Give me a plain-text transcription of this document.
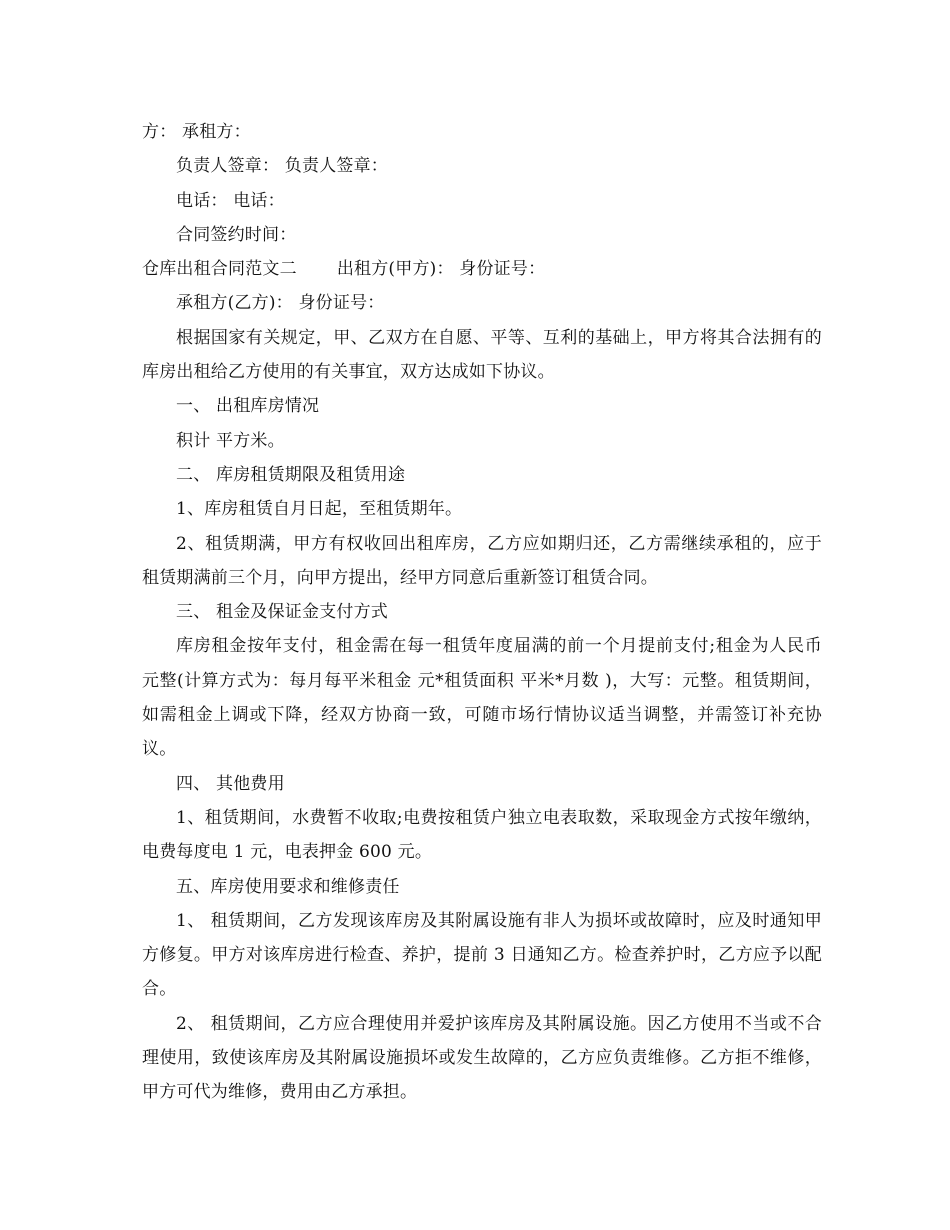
方： 承租方：

负责人签章： 负责人签章：

电话： 电话：

合同签约时间：

仓库出租合同范文二 出租方(甲方)： 身份证号：

承租方(乙方)： 身份证号：

根据国家有关规定，甲、乙双方在自愿、平等、互利的基础上，甲方将其合法拥有的库房出租给乙方使用的有关事宜，双方达成如下协议。

一、 出租库房情况

积计 平方米。

二、 库房租赁期限及租赁用途

1、库房租赁自月日起，至租赁期年。

2、租赁期满，甲方有权收回出租库房，乙方应如期归还，乙方需继续承租的，应于租赁期满前三个月，向甲方提出，经甲方同意后重新签订租赁合同。

三、 租金及保证金支付方式

库房租金按年支付，租金需在每一租赁年度届满的前一个月提前支付;租金为人民币 元整(计算方式为：每月每平米租金 元*租赁面积 平米*月数 )，大写：元整。租赁期间，如需租金上调或下降，经双方协商一致，可随市场行情协议适当调整，并需签订补充协议。

四、 其他费用

1、租赁期间，水费暂不收取;电费按租赁户独立电表取数，采取现金方式按年缴纳，电费每度电 1 元，电表押金 600 元。

五、库房使用要求和维修责任

1、 租赁期间，乙方发现该库房及其附属设施有非人为损坏或故障时，应及时通知甲方修复。甲方对该库房进行检查、养护，提前 3 日通知乙方。检查养护时，乙方应予以配合。

2、 租赁期间，乙方应合理使用并爱护该库房及其附属设施。因乙方使用不当或不合理使用，致使该库房及其附属设施损坏或发生故障的，乙方应负责维修。乙方拒不维修，甲方可代为维修，费用由乙方承担。
